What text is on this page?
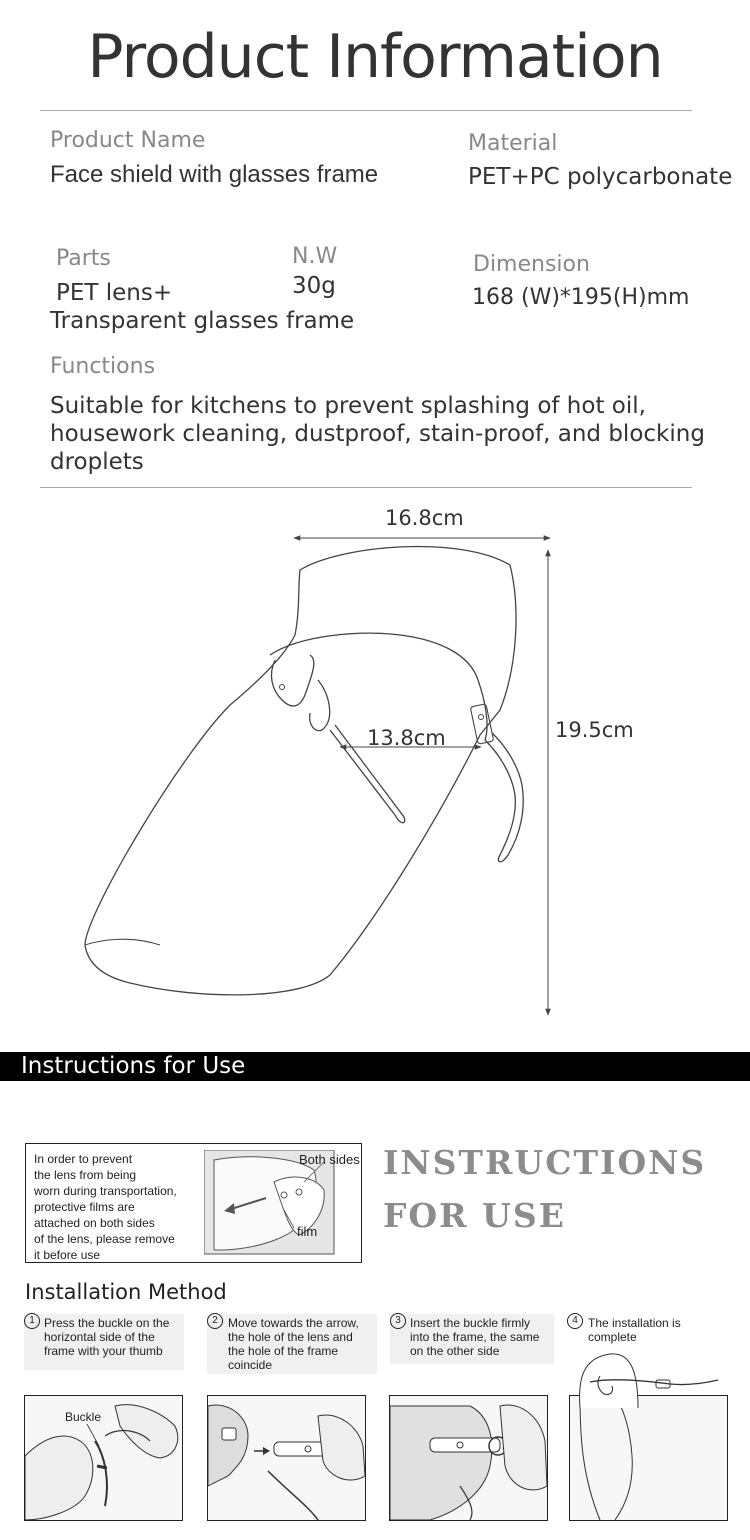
Product Information
Product Name
Face shield with glasses frame
Material
PET+PC polycarbonate
Parts
PET lens+
Transparent glasses frame
N.W
30g
Dimension
168 (W)*195(H)mm
Functions
Suitable for kitchens to prevent splashing of hot oil,
housework cleaning, dustproof, stain-proof, and blocking
droplets
16.8cm
19.5cm
13.8cm
Instructions for Use
In order to prevent
the lens from being
worn during transportation,
protective films are
attached on both sides
of the lens, please remove
it before use
Both sides
film
INSTRUCTIONS
FOR USE
Installation Method
1 Press the buckle on the
horizontal side of the
frame with your thumb
2 Move towards the arrow,
the hole of the lens and
the hole of the frame
coincide
3 Insert the buckle firmly
into the frame, the same
on the other side
4 The installation is
complete
Buckle
